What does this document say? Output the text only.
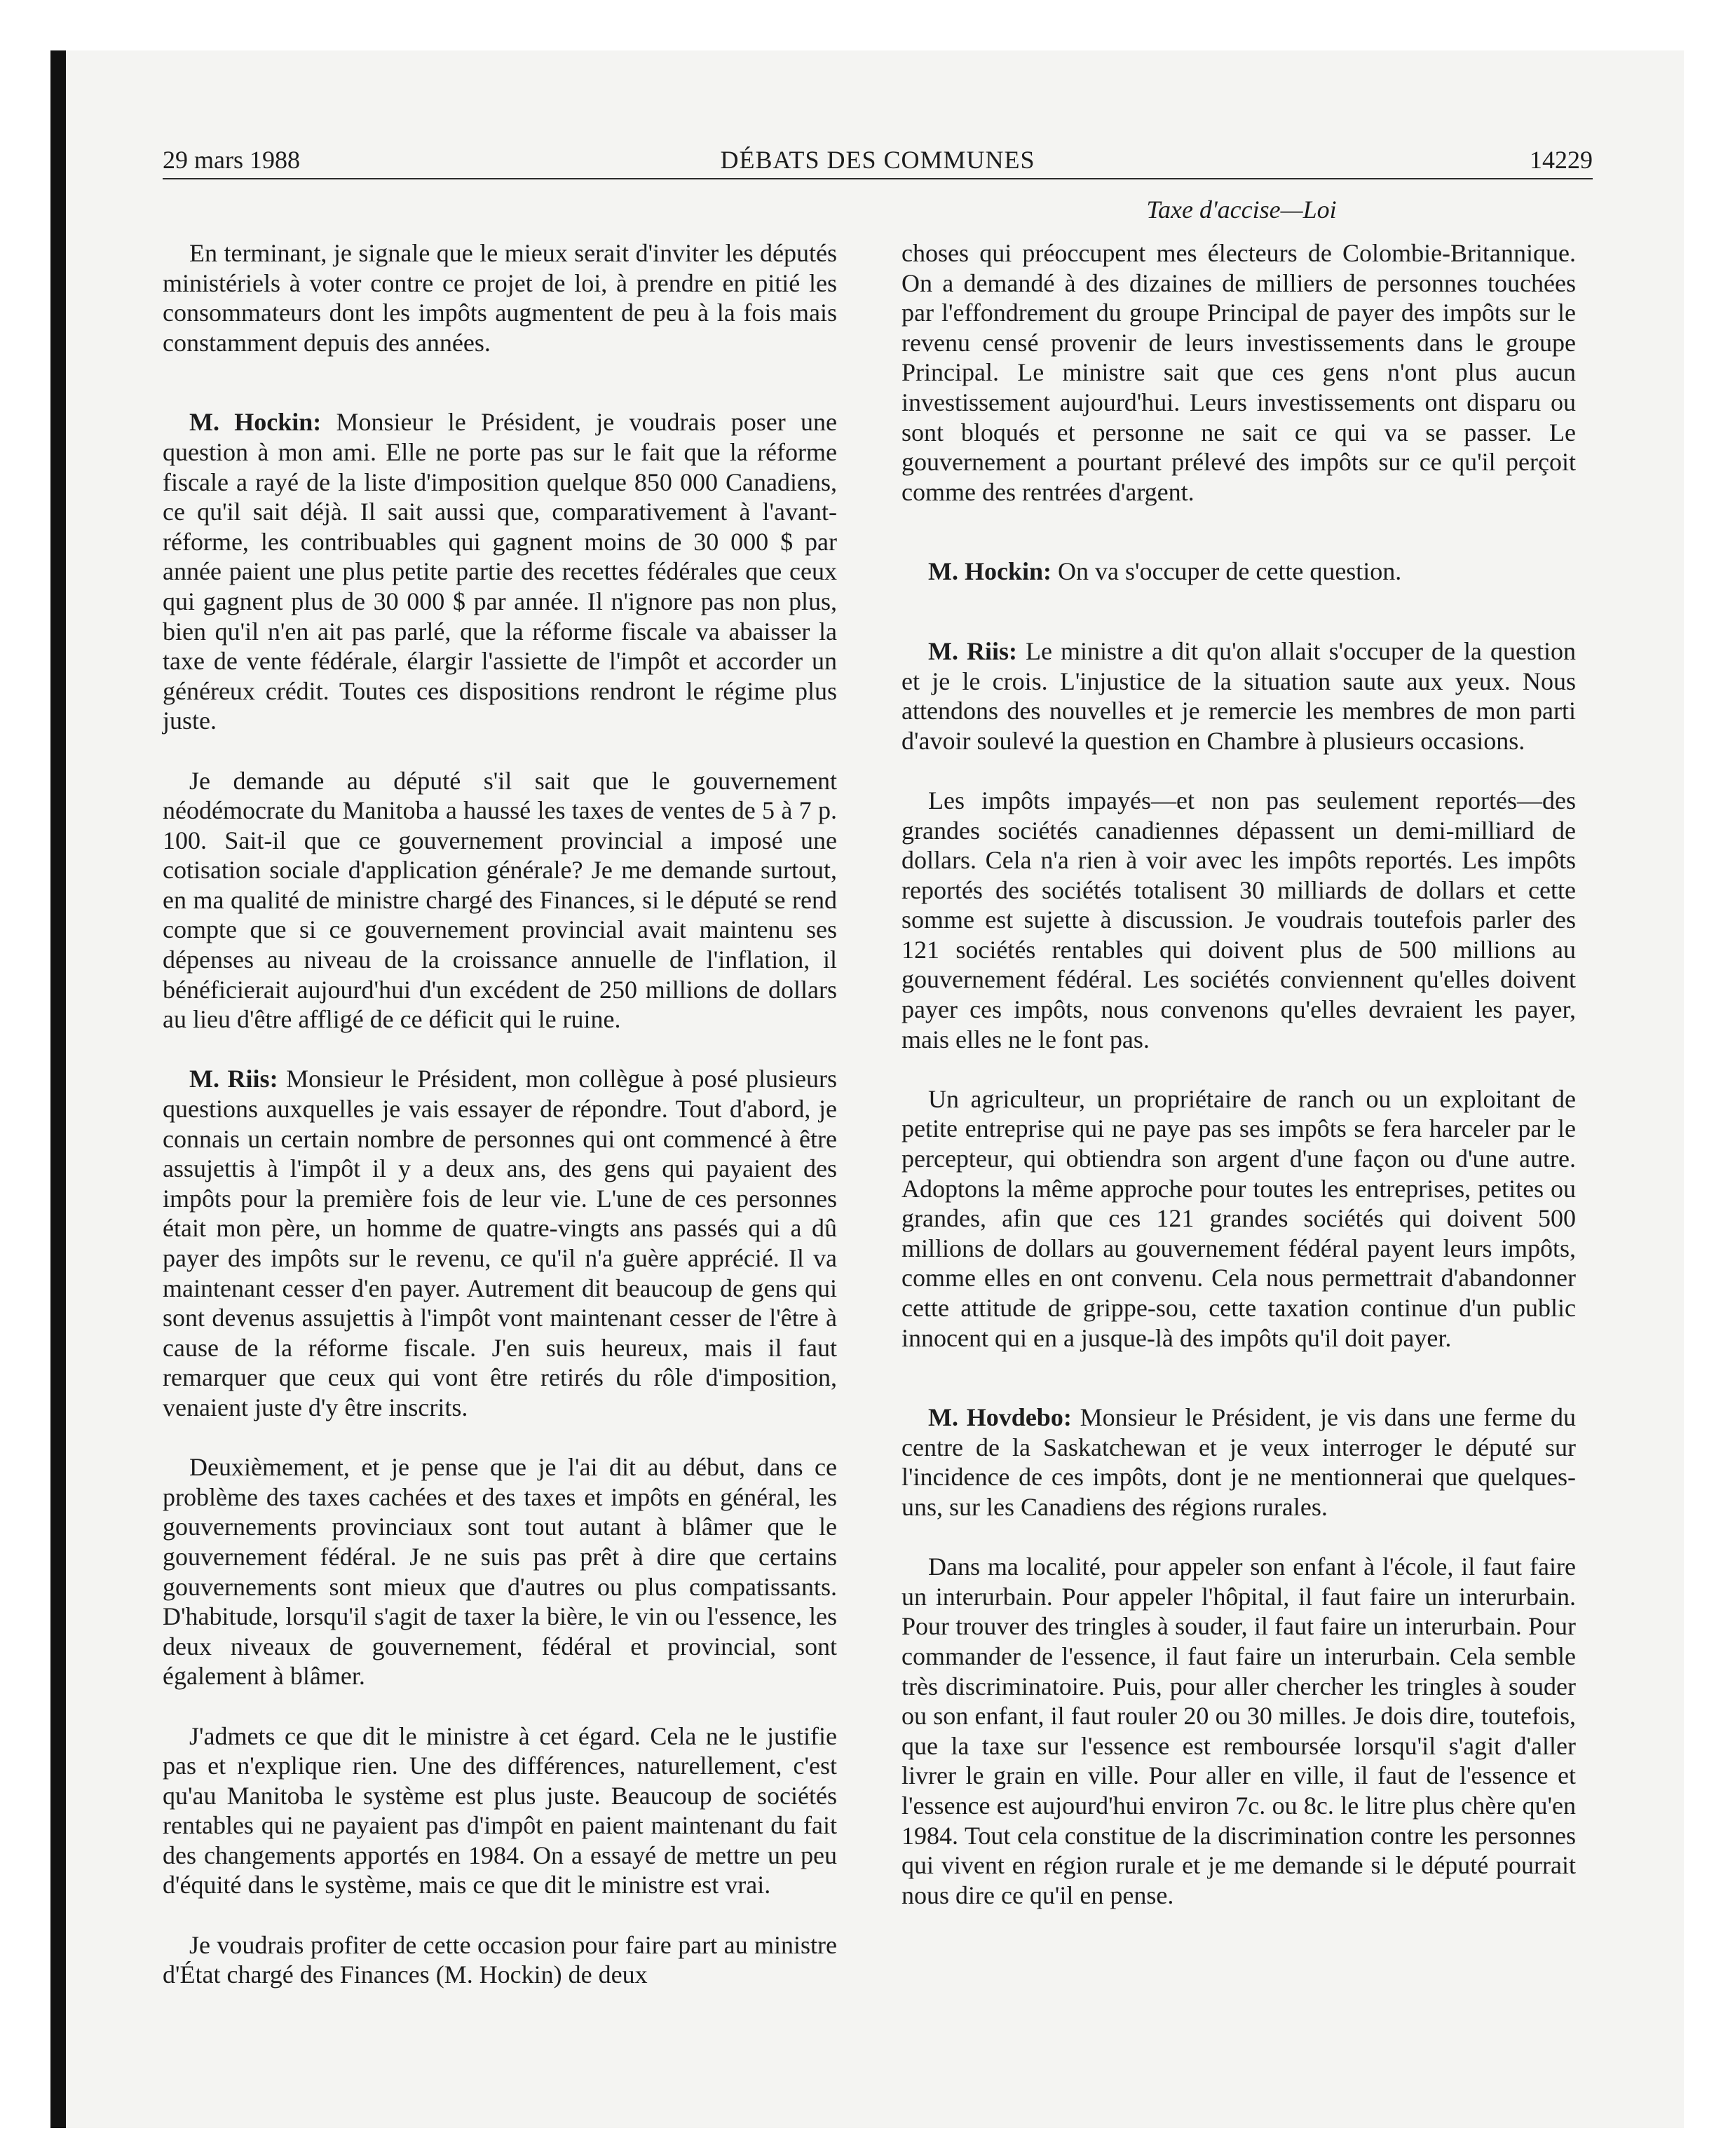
29 mars 1988	DÉBATS DES COMMUNES	14229
Taxe d'accise—Loi

En terminant, je signale que le mieux serait d'inviter les députés ministériels à voter contre ce projet de loi, à prendre en pitié les consommateurs dont les impôts augmentent de peu à la fois mais constamment depuis des années.

M. Hockin: Monsieur le Président, je voudrais poser une question à mon ami. Elle ne porte pas sur le fait que la réforme fiscale a rayé de la liste d'imposition quelque 850 000 Canadiens, ce qu'il sait déjà. Il sait aussi que, comparativement à l'avant-réforme, les contribuables qui gagnent moins de 30 000 $ par année paient une plus petite partie des recettes fédérales que ceux qui gagnent plus de 30 000 $ par année. Il n'ignore pas non plus, bien qu'il n'en ait pas parlé, que la réforme fiscale va abaisser la taxe de vente fédérale, élargir l'assiette de l'impôt et accorder un généreux crédit. Toutes ces dispositions rendront le régime plus juste.

Je demande au député s'il sait que le gouvernement néodémocrate du Manitoba a haussé les taxes de ventes de 5 à 7 p. 100. Sait-il que ce gouvernement provincial a imposé une cotisation sociale d'application générale? Je me demande surtout, en ma qualité de ministre chargé des Finances, si le député se rend compte que si ce gouvernement provincial avait maintenu ses dépenses au niveau de la croissance annuelle de l'inflation, il bénéficierait aujourd'hui d'un excédent de 250 millions de dollars au lieu d'être affligé de ce déficit qui le ruine.

M. Riis: Monsieur le Président, mon collègue à posé plusieurs questions auxquelles je vais essayer de répondre. Tout d'abord, je connais un certain nombre de personnes qui ont commencé à être assujettis à l'impôt il y a deux ans, des gens qui payaient des impôts pour la première fois de leur vie. L'une de ces personnes était mon père, un homme de quatre-vingts ans passés qui a dû payer des impôts sur le revenu, ce qu'il n'a guère apprécié. Il va maintenant cesser d'en payer. Autrement dit beaucoup de gens qui sont devenus assujettis à l'impôt vont maintenant cesser de l'être à cause de la réforme fiscale. J'en suis heureux, mais il faut remarquer que ceux qui vont être retirés du rôle d'imposition, venaient juste d'y être inscrits.

Deuxièmement, et je pense que je l'ai dit au début, dans ce problème des taxes cachées et des taxes et impôts en général, les gouvernements provinciaux sont tout autant à blâmer que le gouvernement fédéral. Je ne suis pas prêt à dire que certains gouvernements sont mieux que d'autres ou plus compatissants. D'habitude, lorsqu'il s'agit de taxer la bière, le vin ou l'essence, les deux niveaux de gouvernement, fédéral et provincial, sont également à blâmer.

J'admets ce que dit le ministre à cet égard. Cela ne le justifie pas et n'explique rien. Une des différences, naturellement, c'est qu'au Manitoba le système est plus juste. Beaucoup de sociétés rentables qui ne payaient pas d'impôt en paient maintenant du fait des changements apportés en 1984. On a essayé de mettre un peu d'équité dans le système, mais ce que dit le ministre est vrai.

Je voudrais profiter de cette occasion pour faire part au ministre d'État chargé des Finances (M. Hockin) de deux

choses qui préoccupent mes électeurs de Colombie-Britannique. On a demandé à des dizaines de milliers de personnes touchées par l'effondrement du groupe Principal de payer des impôts sur le revenu censé provenir de leurs investissements dans le groupe Principal. Le ministre sait que ces gens n'ont plus aucun investissement aujourd'hui. Leurs investissements ont disparu ou sont bloqués et personne ne sait ce qui va se passer. Le gouvernement a pourtant prélevé des impôts sur ce qu'il perçoit comme des rentrées d'argent.

M. Hockin: On va s'occuper de cette question.

M. Riis: Le ministre a dit qu'on allait s'occuper de la question et je le crois. L'injustice de la situation saute aux yeux. Nous attendons des nouvelles et je remercie les membres de mon parti d'avoir soulevé la question en Chambre à plusieurs occasions.

Les impôts impayés—et non pas seulement reportés—des grandes sociétés canadiennes dépassent un demi-milliard de dollars. Cela n'a rien à voir avec les impôts reportés. Les impôts reportés des sociétés totalisent 30 milliards de dollars et cette somme est sujette à discussion. Je voudrais toutefois parler des 121 sociétés rentables qui doivent plus de 500 millions au gouvernement fédéral. Les sociétés conviennent qu'elles doivent payer ces impôts, nous convenons qu'elles devraient les payer, mais elles ne le font pas.

Un agriculteur, un propriétaire de ranch ou un exploitant de petite entreprise qui ne paye pas ses impôts se fera harceler par le percepteur, qui obtiendra son argent d'une façon ou d'une autre. Adoptons la même approche pour toutes les entreprises, petites ou grandes, afin que ces 121 grandes sociétés qui doivent 500 millions de dollars au gouvernement fédéral payent leurs impôts, comme elles en ont convenu. Cela nous permettrait d'abandonner cette attitude de grippe-sou, cette taxation continue d'un public innocent qui en a jusque-là des impôts qu'il doit payer.

M. Hovdebo: Monsieur le Président, je vis dans une ferme du centre de la Saskatchewan et je veux interroger le député sur l'incidence de ces impôts, dont je ne mentionnerai que quelques-uns, sur les Canadiens des régions rurales.

Dans ma localité, pour appeler son enfant à l'école, il faut faire un interurbain. Pour appeler l'hôpital, il faut faire un interurbain. Pour trouver des tringles à souder, il faut faire un interurbain. Pour commander de l'essence, il faut faire un interurbain. Cela semble très discriminatoire. Puis, pour aller chercher les tringles à souder ou son enfant, il faut rouler 20 ou 30 milles. Je dois dire, toutefois, que la taxe sur l'essence est remboursée lorsqu'il s'agit d'aller livrer le grain en ville. Pour aller en ville, il faut de l'essence et l'essence est aujourd'hui environ 7c. ou 8c. le litre plus chère qu'en 1984. Tout cela constitue de la discrimination contre les personnes qui vivent en région rurale et je me demande si le député pourrait nous dire ce qu'il en pense.
